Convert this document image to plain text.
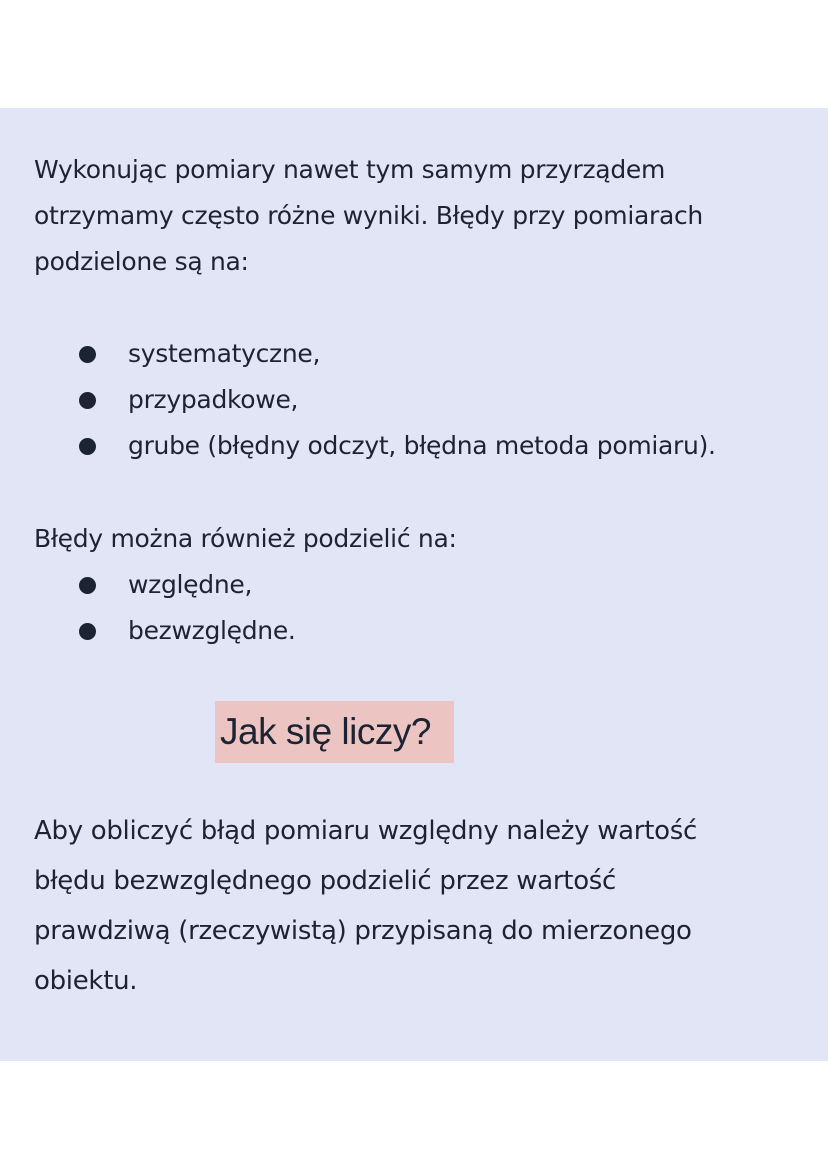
Wykonując pomiary nawet tym samym przyrządem
otrzymamy często różne wyniki. Błędy przy pomiarach
podzielone są na:

systematyczne,
przypadkowe,
grube (błędny odczyt, błędna metoda pomiaru).

Błędy można również podzielić na:

względne,
bezwzględne.
Jak się liczy?

Aby obliczyć błąd pomiaru względny należy wartość
błędu bezwzględnego podzielić przez wartość
prawdziwą (rzeczywistą) przypisaną do mierzonego
obiektu.
